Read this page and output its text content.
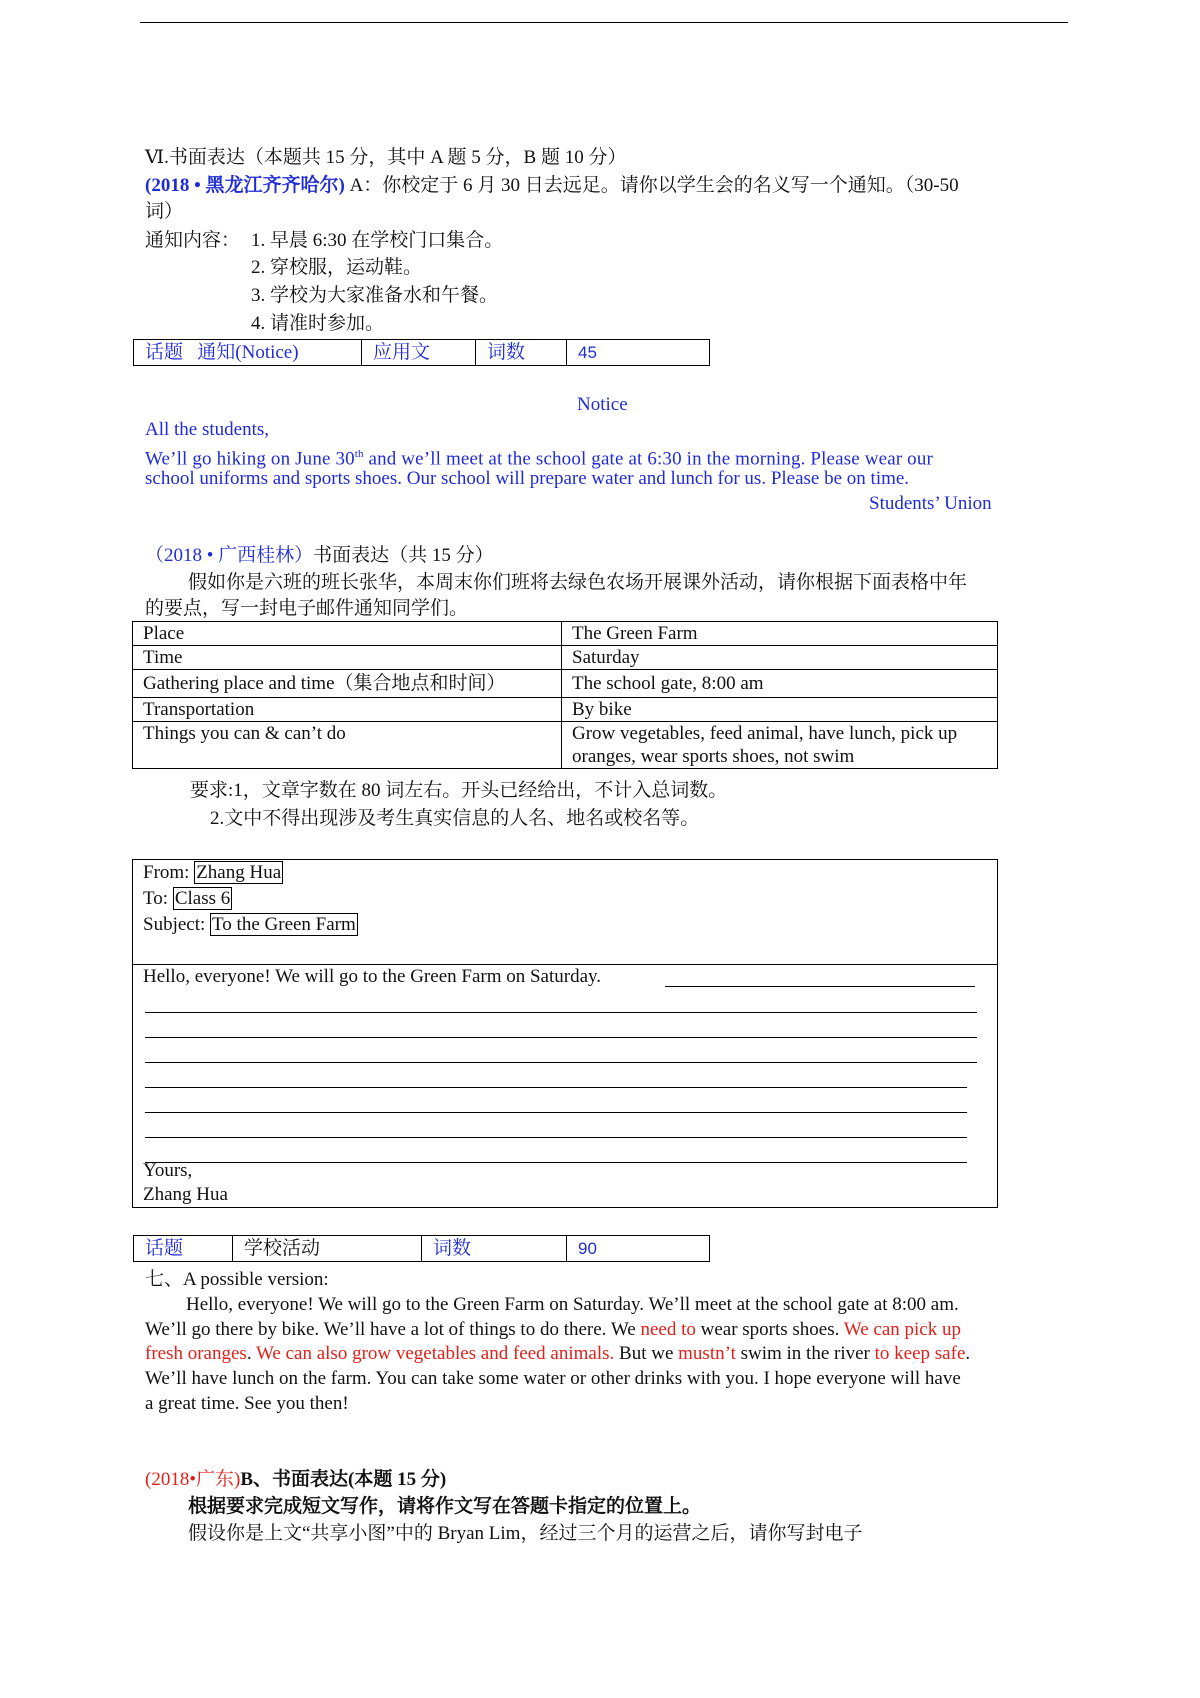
Ⅵ.书面表达（本题共 15 分，其中 A 题 5 分，B 题 10 分）
(2018 • 黑龙江齐齐哈尔) A：你校定于 6 月 30 日去远足。请你以学生会的名义写一个通知。（30-50
词）
通知内容： 1. 早晨 6:30 在学校门口集合。
2. 穿校服，运动鞋。
3. 学校为大家准备水和午餐。
4. 请准时参加。
话题 通知(Notice)	应用文	词数	45
Notice
All the students,
We’ll go hiking on June 30th and we’ll meet at the school gate at 6:30 in the morning. Please wear our
school uniforms and sports shoes. Our school will prepare water and lunch for us. Please be on time.
Students’ Union
（2018 • 广西桂林）书面表达（共 15 分）
假如你是六班的班长张华，本周末你们班将去绿色农场开展课外活动，请你根据下面表格中年
的要点，写一封电子邮件通知同学们。
Place	The Green Farm
Time	Saturday
Gathering place and time（集合地点和时间）	The school gate, 8:00 am
Transportation	By bike
Things you can & can’t do	Grow vegetables, feed animal, have lunch, pick up oranges, wear sports shoes, not swim
要求:1，文章字数在 80 词左右。开头已经给出，不计入总词数。
2.文中不得出现涉及考生真实信息的人名、地名或校名等。
From: Zhang Hua
To: Class 6
Subject: To the Green Farm
Hello, everyone! We will go to the Green Farm on Saturday.
Yours,
Zhang Hua
话题	学校活动	词数	90
七、A possible version:
Hello, everyone! We will go to the Green Farm on Saturday. We’ll meet at the school gate at 8:00 am.
We’ll go there by bike. We’ll have a lot of things to do there. We need to wear sports shoes. We can pick up
fresh oranges. We can also grow vegetables and feed animals. But we mustn’t swim in the river to keep safe.
We’ll have lunch on the farm. You can take some water or other drinks with you. I hope everyone will have
a great time. See you then!
(2018•广东)B、书面表达(本题 15 分)
根据要求完成短文写作，请将作文写在答题卡指定的位置上。
假设你是上文“共享小图”中的 Bryan Lim，经过三个月的运营之后，请你写封电子
